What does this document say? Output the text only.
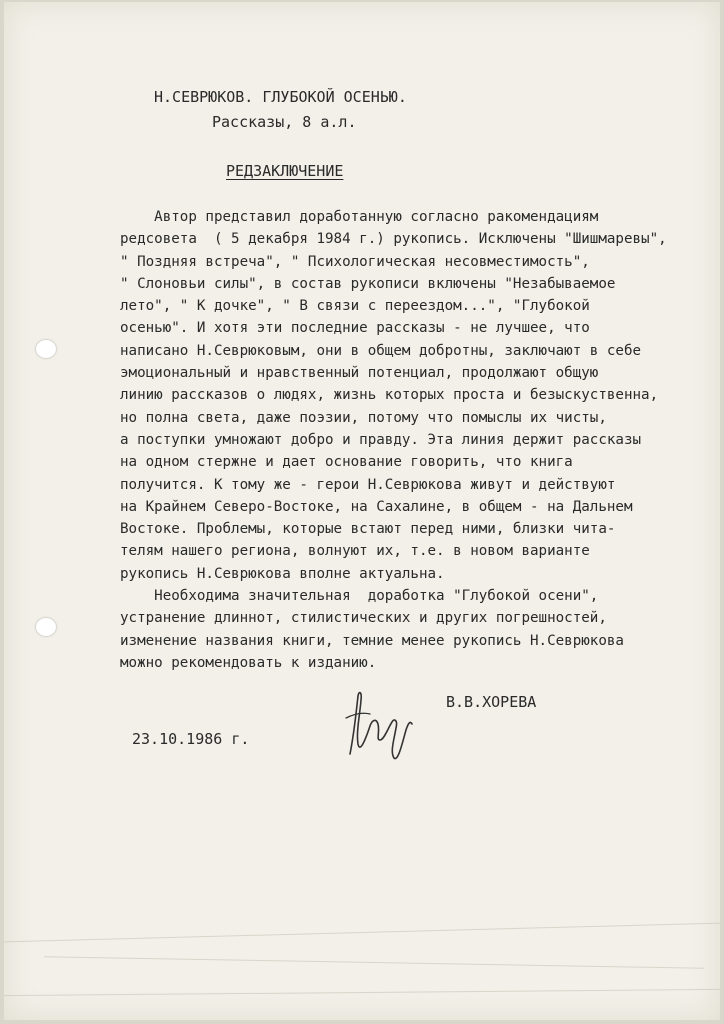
Н.СЕВРЮКОВ. ГЛУБОКОЙ ОСЕНЬЮ.
Рассказы, 8 а.л.
РЕДЗАКЛЮЧЕНИЕ
Автор представил доработанную согласно ракомендациям
редсовета  ( 5 декабря 1984 г.) рукопись. Исключены "Шишмаревы",
" Поздняя встреча", " Психологическая несовместимость",
" Слоновьи силы", в состав рукописи включены "Незабываемое
лето", " К дочке", " В связи с переездом...", "Глубокой
осенью". И хотя эти последние рассказы - не лучшее, что
написано Н.Севрюковым, они в общем добротны, заключают в себе
эмоциональный и нравственный потенциал, продолжают общую
линию рассказов о людях, жизнь которых проста и безыскуственна,
но полна света, даже поэзии, потому что помыслы их чисты,
а поступки умножают добро и правду. Эта линия держит рассказы
на одном стержне и дает основание говорить, что книга
получится. К тому же - герои Н.Севрюкова живут и действуют
на Крайнем Северо-Востоке, на Сахалине, в общем - на Дальнем
Востоке. Проблемы, которые встают перед ними, близки чита-
телям нашего региона, волнуют их, т.е. в новом варианте
рукопись Н.Севрюкова вполне актуальна.
Необходима значительная  доработка "Глубокой осени",
устранение длиннот, стилистических и других погрешностей,
изменение названия книги, темние менее рукопись Н.Севрюкова
можно рекомендовать к изданию.
В.В.ХОРЕВА
23.10.1986 г.
